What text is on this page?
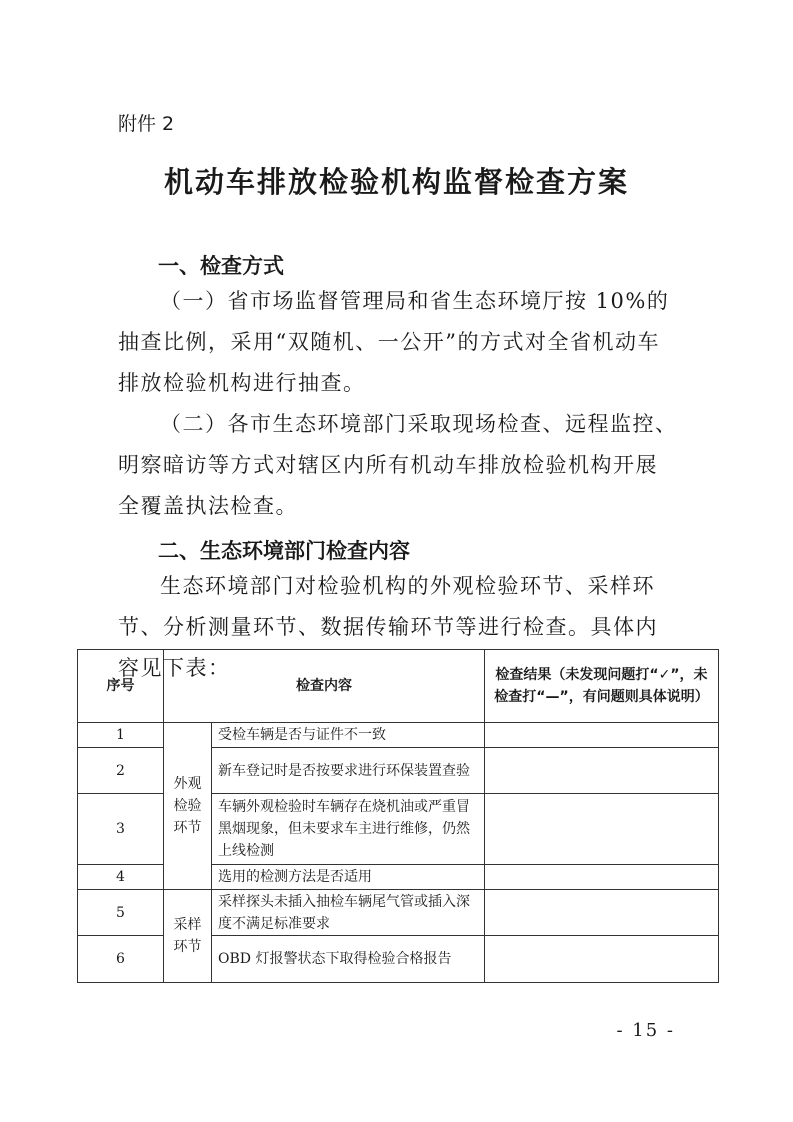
附件 2
机动车排放检验机构监督检查方案
一、检查方式
（一）省市场监督管理局和省生态环境厅按 10%的抽查比例，采用“双随机、一公开”的方式对全省机动车排放检验机构进行抽查。
（二）各市生态环境部门采取现场检查、远程监控、明察暗访等方式对辖区内所有机动车排放检验机构开展全覆盖执法检查。
二、生态环境部门检查内容
生态环境部门对检验机构的外观检验环节、采样环节、分析测量环节、数据传输环节等进行检查。具体内容见下表：
序号	检查内容		检查结果（未发现问题打“✓”，未检查打“—”，有问题则具体说明）
1	外观检验环节	受检车辆是否与证件不一致	
2		新车登记时是否按要求进行环保装置查验	
3		车辆外观检验时车辆存在烧机油或严重冒黑烟现象，但未要求车主进行维修，仍然上线检测	
4		选用的检测方法是否适用	
5	采样环节	采样探头未插入抽检车辆尾气管或插入深度不满足标准要求	
6		OBD 灯报警状态下取得检验合格报告	
- 15 -
